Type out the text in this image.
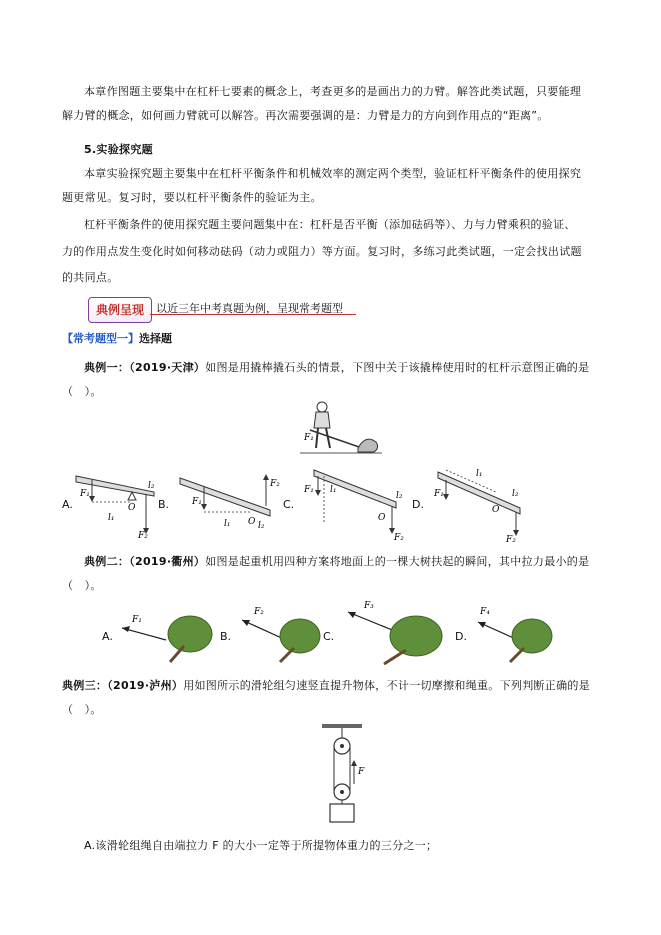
本章作图题主要集中在杠杆七要素的概念上，考查更多的是画出力的力臂。解答此类试题，只要能理
解力臂的概念，如何画力臂就可以解答。再次需要强调的是：力臂是力的方向到作用点的“距离”。
5.实验探究题
本章实验探究题主要集中在杠杆平衡条件和机械效率的测定两个类型，验证杠杆平衡条件的使用探究
题更常见。复习时，要以杠杆平衡条件的验证为主。
杠杆平衡条件的使用探究题主要问题集中在：杠杆是否平衡（添加砝码等）、力与力臂乘积的验证、
力的作用点发生变化时如何移动砝码（动力或阻力）等方面。复习时，多练习此类试题，一定会找出试题
的共同点。
典例呈现	以近三年中考真题为例，呈现常考题型
【常考题型一】选择题
典例一：（2019·天津）如图是用撬棒撬石头的情景，下图中关于该撬棒使用时的杠杆示意图正确的是
（　）。
F₁
A.	B.	C.	D.
F₁
O
l₁
F₂
l₂
F₁
l₁ O
F₂
l₂
F₁ l₁
O
F₂
l₂	F₁
l₁
O
F₂
l₂
典例二：（2019·衢州）如图是起重机用四种方案将地面上的一棵大树扶起的瞬间，其中拉力最小的是
（　）。
A.	B.	C.	D.
F₁
F₂
F₃
F₄
典例三：（2019·泸州）用如图所示的滑轮组匀速竖直提升物体，不计一切摩擦和绳重。下列判断正确的是
（　）。
F
A.该滑轮组绳自由端拉力 F 的大小一定等于所提物体重力的三分之一；
